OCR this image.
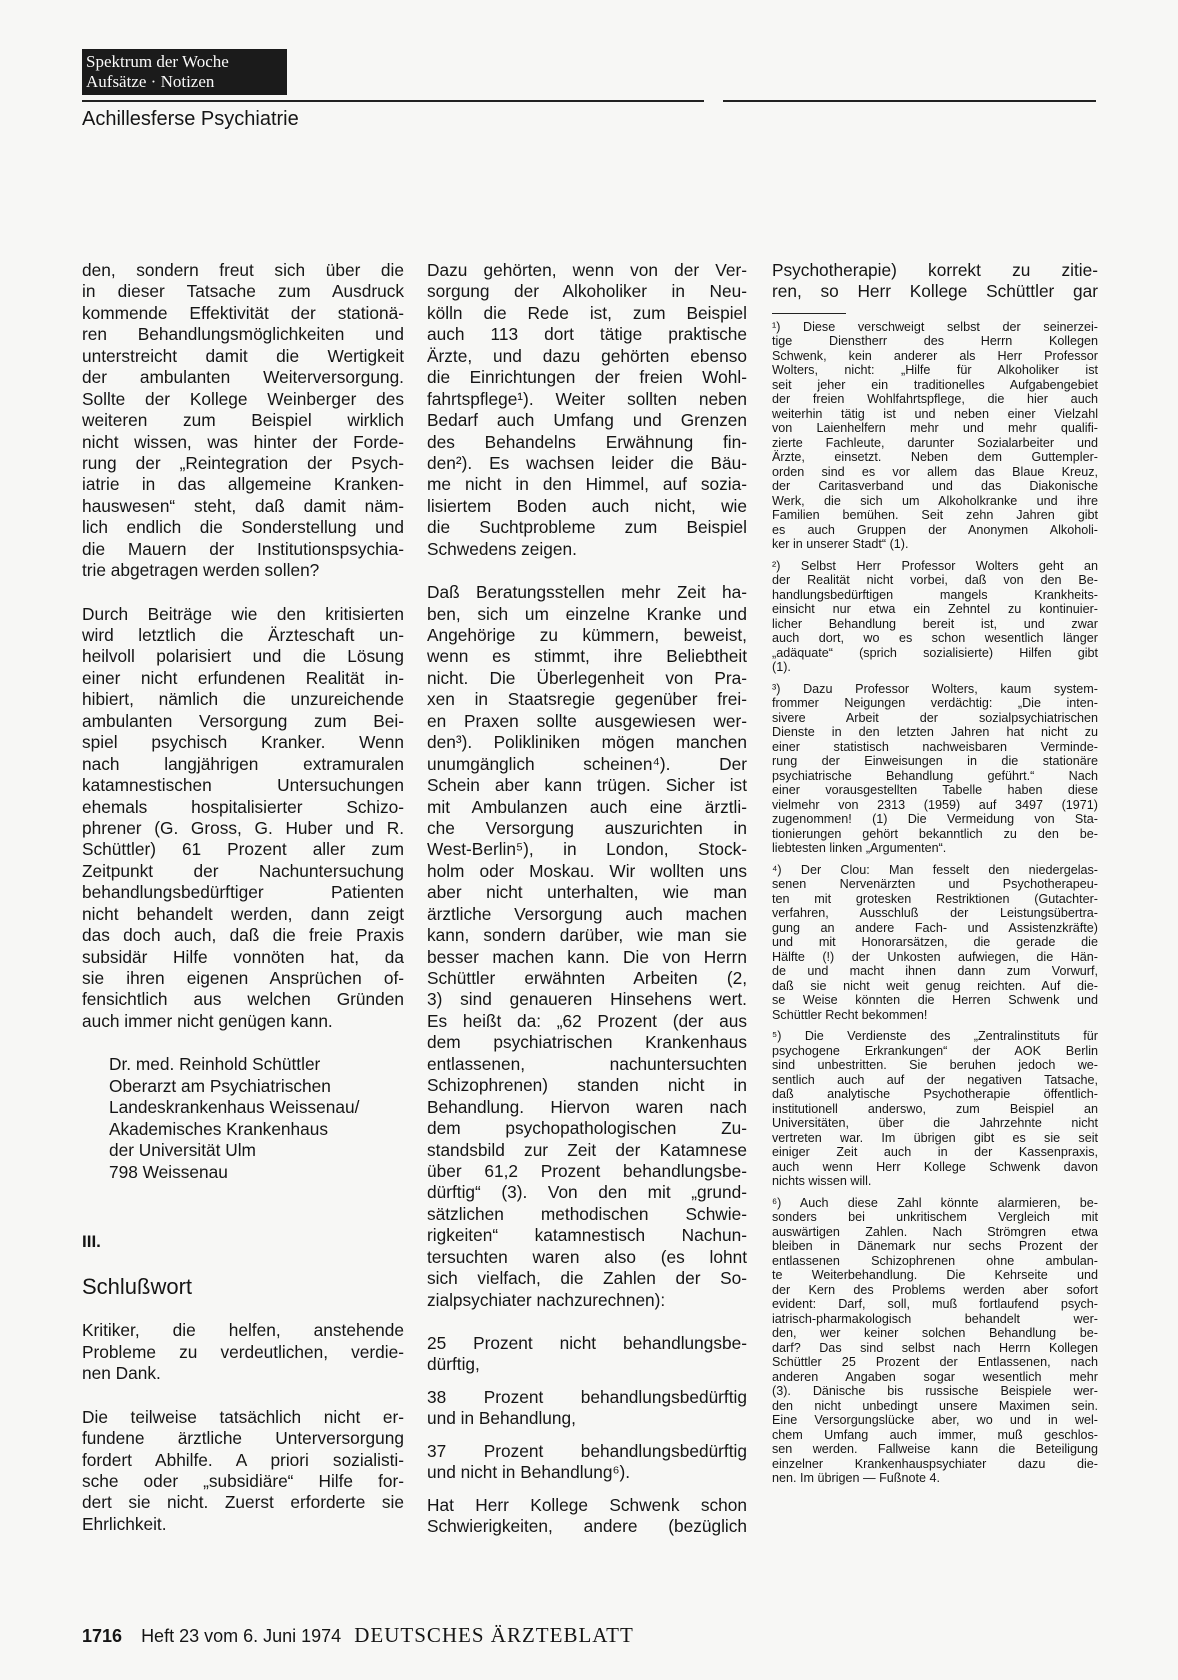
Spektrum der Woche
Aufsätze · Notizen
Achillesferse Psychiatrie
den, sondern freut sich über die
in dieser Tatsache zum Ausdruck
kommende Effektivität der stationä-
ren Behandlungsmöglichkeiten und
unterstreicht damit die Wertigkeit
der ambulanten Weiterversorgung.
Sollte der Kollege Weinberger des
weiteren zum Beispiel wirklich
nicht wissen, was hinter der Forde-
rung der „Reintegration der Psych-
iatrie in das allgemeine Kranken-
hauswesen“ steht, daß damit näm-
lich endlich die Sonderstellung und
die Mauern der Institutionspsychia-
trie abgetragen werden sollen?
Durch Beiträge wie den kritisierten
wird letztlich die Ärzteschaft un-
heilvoll polarisiert und die Lösung
einer nicht erfundenen Realität in-
hibiert, nämlich die unzureichende
ambulanten Versorgung zum Bei-
spiel psychisch Kranker. Wenn
nach langjährigen extramuralen
katamnestischen Untersuchungen
ehemals hospitalisierter Schizo-
phrener (G. Gross, G. Huber und R.
Schüttler) 61 Prozent aller zum
Zeitpunkt der Nachuntersuchung
behandlungsbedürftiger Patienten
nicht behandelt werden, dann zeigt
das doch auch, daß die freie Praxis
subsidär Hilfe vonnöten hat, da
sie ihren eigenen Ansprüchen of-
fensichtlich aus welchen Gründen
auch immer nicht genügen kann.
Dr. med. Reinhold Schüttler
Oberarzt am Psychiatrischen
Landeskrankenhaus Weissenau/
Akademisches Krankenhaus
der Universität Ulm
798 Weissenau
III.
Schlußwort
Kritiker, die helfen, anstehende
Probleme zu verdeutlichen, verdie-
nen Dank.
Die teilweise tatsächlich nicht er-
fundene ärztliche Unterversorgung
fordert Abhilfe. A priori sozialisti-
sche oder „subsidiäre“ Hilfe for-
dert sie nicht. Zuerst erforderte sie
Ehrlichkeit.
Dazu gehörten, wenn von der Ver-
sorgung der Alkoholiker in Neu-
kölln die Rede ist, zum Beispiel
auch 113 dort tätige praktische
Ärzte, und dazu gehörten ebenso
die Einrichtungen der freien Wohl-
fahrtspflege¹). Weiter sollten neben
Bedarf auch Umfang und Grenzen
des Behandelns Erwähnung fin-
den²). Es wachsen leider die Bäu-
me nicht in den Himmel, auf sozia-
lisiertem Boden auch nicht, wie
die Suchtprobleme zum Beispiel
Schwedens zeigen.
Daß Beratungsstellen mehr Zeit ha-
ben, sich um einzelne Kranke und
Angehörige zu kümmern, beweist,
wenn es stimmt, ihre Beliebtheit
nicht. Die Überlegenheit von Pra-
xen in Staatsregie gegenüber frei-
en Praxen sollte ausgewiesen wer-
den³). Polikliniken mögen manchen
unumgänglich scheinen⁴). Der
Schein aber kann trügen. Sicher ist
mit Ambulanzen auch eine ärztli-
che Versorgung auszurichten in
West-Berlin⁵), in London, Stock-
holm oder Moskau. Wir wollten uns
aber nicht unterhalten, wie man
ärztliche Versorgung auch machen
kann, sondern darüber, wie man sie
besser machen kann. Die von Herrn
Schüttler erwähnten Arbeiten (2,
3) sind genaueren Hinsehens wert.
Es heißt da: „62 Prozent (der aus
dem psychiatrischen Krankenhaus
entlassenen, nachuntersuchten
Schizophrenen) standen nicht in
Behandlung. Hiervon waren nach
dem psychopathologischen Zu-
standsbild zur Zeit der Katamnese
über 61,2 Prozent behandlungsbe-
dürftig“ (3). Von den mit „grund-
sätzlichen methodischen Schwie-
rigkeiten“ katamnestisch Nachun-
tersuchten waren also (es lohnt
sich vielfach, die Zahlen der So-
zialpsychiater nachzurechnen):
25 Prozent nicht behandlungsbe-
dürftig,
38 Prozent behandlungsbedürftig
und in Behandlung,
37 Prozent behandlungsbedürftig
und nicht in Behandlung⁶).
Hat Herr Kollege Schwenk schon
Schwierigkeiten, andere (bezüglich
Psychotherapie) korrekt zu zitie-
ren, so Herr Kollege Schüttler gar
¹) Diese verschweigt selbst der seinerzei-
tige Dienstherr des Herrn Kollegen
Schwenk, kein anderer als Herr Professor
Wolters, nicht: „Hilfe für Alkoholiker ist
seit jeher ein traditionelles Aufgabengebiet
der freien Wohlfahrtspflege, die hier auch
weiterhin tätig ist und neben einer Vielzahl
von Laienhelfern mehr und mehr qualifi-
zierte Fachleute, darunter Sozialarbeiter und
Ärzte, einsetzt. Neben dem Guttempler-
orden sind es vor allem das Blaue Kreuz,
der Caritasverband und das Diakonische
Werk, die sich um Alkoholkranke und ihre
Familien bemühen. Seit zehn Jahren gibt
es auch Gruppen der Anonymen Alkoholi-
ker in unserer Stadt“ (1).
²) Selbst Herr Professor Wolters geht an
der Realität nicht vorbei, daß von den Be-
handlungsbedürftigen mangels Krankheits-
einsicht nur etwa ein Zehntel zu kontinuier-
licher Behandlung bereit ist, und zwar
auch dort, wo es schon wesentlich länger
„adäquate“ (sprich sozialisierte) Hilfen gibt
(1).
³) Dazu Professor Wolters, kaum system-
frommer Neigungen verdächtig: „Die inten-
sivere Arbeit der sozialpsychiatrischen
Dienste in den letzten Jahren hat nicht zu
einer statistisch nachweisbaren Verminde-
rung der Einweisungen in die stationäre
psychiatrische Behandlung geführt.“ Nach
einer vorausgestellten Tabelle haben diese
vielmehr von 2313 (1959) auf 3497 (1971)
zugenommen! (1) Die Vermeidung von Sta-
tionierungen gehört bekanntlich zu den be-
liebtesten linken „Argumenten“.
⁴) Der Clou: Man fesselt den niedergelas-
senen Nervenärzten und Psychotherapeu-
ten mit grotesken Restriktionen (Gutachter-
verfahren, Ausschluß der Leistungsübertra-
gung an andere Fach- und Assistenzkräfte)
und mit Honorarsätzen, die gerade die
Hälfte (!) der Unkosten aufwiegen, die Hän-
de und macht ihnen dann zum Vorwurf,
daß sie nicht weit genug reichten. Auf die-
se Weise könnten die Herren Schwenk und
Schüttler Recht bekommen!
⁵) Die Verdienste des „Zentralinstituts für
psychogene Erkrankungen“ der AOK Berlin
sind unbestritten. Sie beruhen jedoch we-
sentlich auch auf der negativen Tatsache,
daß analytische Psychotherapie öffentlich-
institutionell anderswo, zum Beispiel an
Universitäten, über die Jahrzehnte nicht
vertreten war. Im übrigen gibt es sie seit
einiger Zeit auch in der Kassenpraxis,
auch wenn Herr Kollege Schwenk davon
nichts wissen will.
⁶) Auch diese Zahl könnte alarmieren, be-
sonders bei unkritischem Vergleich mit
auswärtigen Zahlen. Nach Strömgren etwa
bleiben in Dänemark nur sechs Prozent der
entlassenen Schizophrenen ohne ambulan-
te Weiterbehandlung. Die Kehrseite und
der Kern des Problems werden aber sofort
evident: Darf, soll, muß fortlaufend psych-
iatrisch-pharmakologisch behandelt wer-
den, wer keiner solchen Behandlung be-
darf? Das sind selbst nach Herrn Kollegen
Schüttler 25 Prozent der Entlassenen, nach
anderen Angaben sogar wesentlich mehr
(3). Dänische bis russische Beispiele wer-
den nicht unbedingt unsere Maximen sein.
Eine Versorgungslücke aber, wo und in wel-
chem Umfang auch immer, muß geschlos-
sen werden. Fallweise kann die Beteiligung
einzelner Krankenhauspsychiater dazu die-
nen. Im übrigen — Fußnote 4.
1716 Heft 23 vom 6. Juni 1974 DEUTSCHES ÄRZTEBLATT
